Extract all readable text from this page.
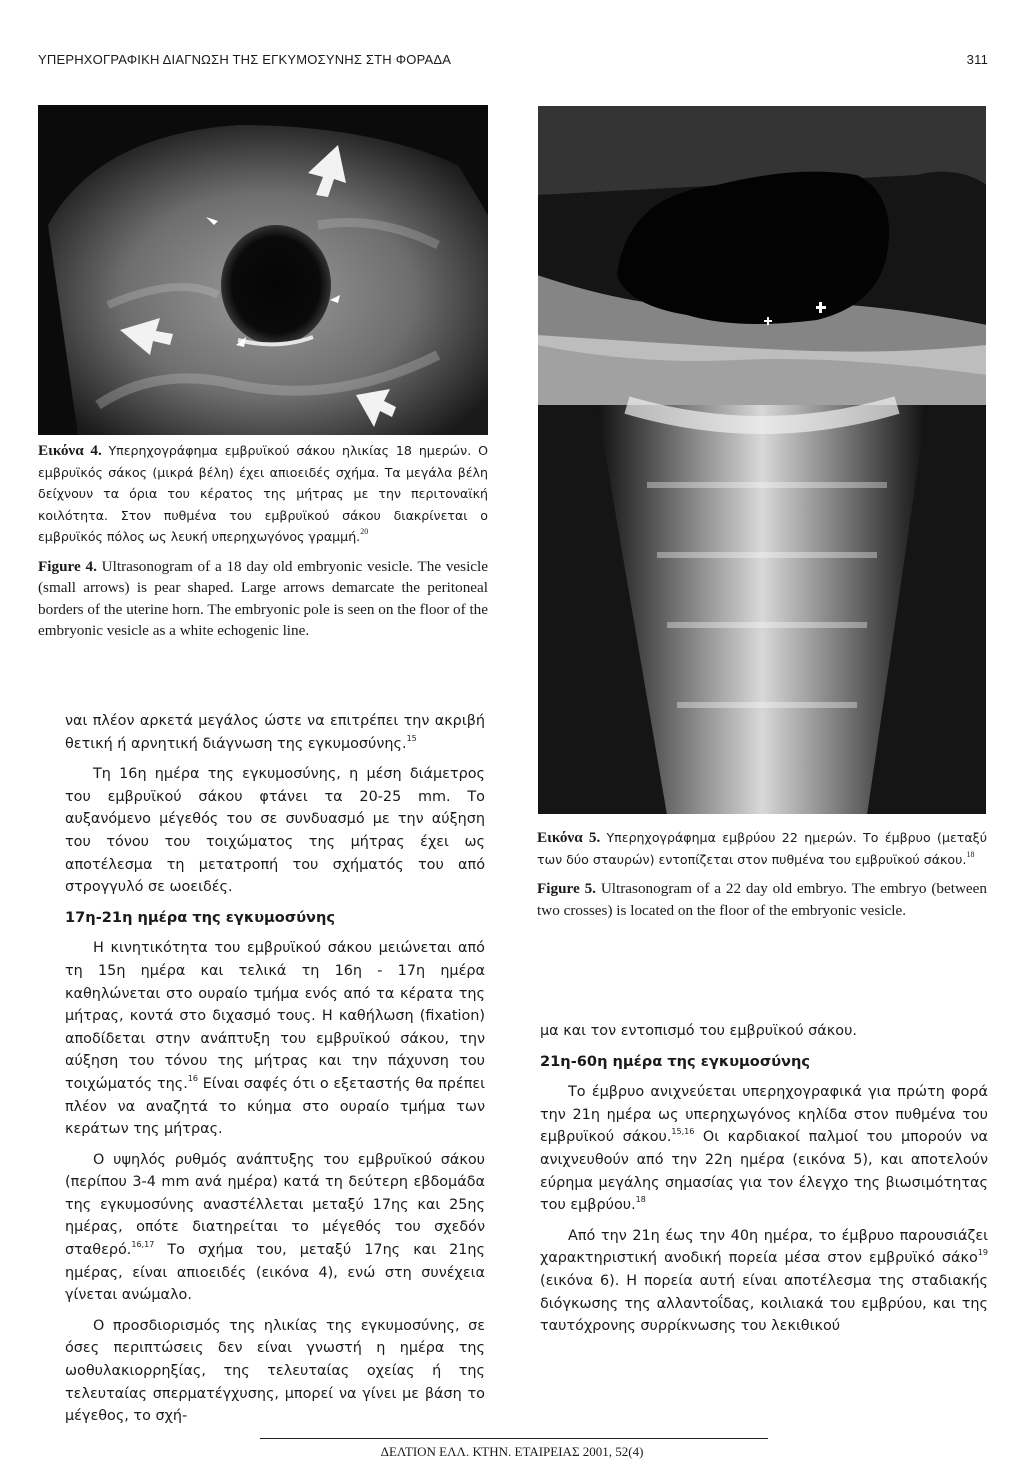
ΥΠΕΡΗΧΟΓΡΑΦΙΚΗ ΔΙΑΓΝΩΣΗ ΤΗΣ ΕΓΚΥΜΟΣΥΝΗΣ ΣΤΗ ΦΟΡΑΔΑ	311
Εικόνα 4. Υπερηχογράφημα εμβρυϊκού σάκου ηλικίας 18 ημερών. Ο εμβρυϊκός σάκος (μικρά βέλη) έχει απιοειδές σχήμα. Τα μεγάλα βέλη δείχνουν τα όρια του κέρατος της μήτρας με την περιτοναϊκή κοιλότητα. Στον πυθμένα του εμβρυϊκού σάκου διακρίνεται ο εμβρυϊκός πόλος ως λευκή υπερηχωγόνος γραμμή.$^{20}$
Figure 4. Ultrasonogram of a 18 day old embryonic vesicle. The vesicle (small arrows) is pear shaped. Large arrows demarcate the peritoneal borders of the uterine horn. The embryonic pole is seen on the floor of the embryonic vesicle as a white echogenic line.
Εικόνα 5. Υπερηχογράφημα εμβρύου 22 ημερών. Το έμβρυο (μεταξύ των δύο σταυρών) εντοπίζεται στον πυθμένα του εμβρυϊκού σάκου.$^{18}$
Figure 5. Ultrasonogram of a 22 day old embryo. The embryo (between two crosses) is located on the floor of the embryonic vesicle.

ναι πλέον αρκετά μεγάλος ώστε να επιτρέπει την ακριβή θετική ή αρνητική διάγνωση της εγκυμοσύνης.$^{15}$

Τη 16η ημέρα της εγκυμοσύνης, η μέση διάμετρος του εμβρυϊκού σάκου φτάνει τα 20-25 mm. Το αυξανόμενο μέγεθός του σε συνδυασμό με την αύξηση του τόνου του τοιχώματος της μήτρας έχει ως αποτέλεσμα τη μετατροπή του σχήματός του από στρογγυλό σε ωοειδές.

17η-21η ημέρα της εγκυμοσύνης

Η κινητικότητα του εμβρυϊκού σάκου μειώνεται από τη 15η ημέρα και τελικά τη 16η - 17η ημέρα καθηλώνεται στο ουραίο τμήμα ενός από τα κέρατα της μήτρας, κοντά στο διχασμό τους. Η καθήλωση (fixation) αποδίδεται στην ανάπτυξη του εμβρυϊκού σάκου, την αύξηση του τόνου της μήτρας και την πάχυνση του τοιχώματός της.$^{16}$ Είναι σαφές ότι ο εξεταστής θα πρέπει πλέον να αναζητά το κύημα στο ουραίο τμήμα των κεράτων της μήτρας.

Ο υψηλός ρυθμός ανάπτυξης του εμβρυϊκού σάκου (περίπου 3-4 mm ανά ημέρα) κατά τη δεύτερη εβδομάδα της εγκυμοσύνης αναστέλλεται μεταξύ 17ης και 25ης ημέρας, οπότε διατηρείται το μέγεθός του σχεδόν σταθερό.$^{16,17}$ Το σχήμα του, μεταξύ 17ης και 21ης ημέρας, είναι απιοειδές (εικόνα 4), ενώ στη συνέχεια γίνεται ανώμαλο.

Ο προσδιορισμός της ηλικίας της εγκυμοσύνης, σε όσες περιπτώσεις δεν είναι γνωστή η ημέρα της ωοθυλακιορρηξίας, της τελευταίας οχείας ή της τελευταίας σπερματέγχυσης, μπορεί να γίνει με βάση το μέγεθος, το σχή-

μα και τον εντοπισμό του εμβρυϊκού σάκου.

21η-60η ημέρα της εγκυμοσύνης

Το έμβρυο ανιχνεύεται υπερηχογραφικά για πρώτη φορά την 21η ημέρα ως υπερηχωγόνος κηλίδα στον πυθμένα του εμβρυϊκού σάκου.$^{15,16}$ Οι καρδιακοί παλμοί του μπορούν να ανιχνευθούν από την 22η ημέρα (εικόνα 5), και αποτελούν εύρημα μεγάλης σημασίας για τον έλεγχο της βιωσιμότητας του εμβρύου.$^{18}$

Από την 21η έως την 40η ημέρα, το έμβρυο παρουσιάζει χαρακτηριστική ανοδική πορεία μέσα στον εμβρυϊκό σάκο$^{19}$ (εικόνα 6). Η πορεία αυτή είναι αποτέλεσμα της σταδιακής διόγκωσης της αλλαντοΐδας, κοιλιακά του εμβρύου, και της ταυτόχρονης συρρίκνωσης του λεκιθικού

ΔΕΛΤΙΟΝ ΕΛΛ. ΚΤΗΝ. ΕΤΑΙΡΕΙΑΣ 2001, 52(4)
